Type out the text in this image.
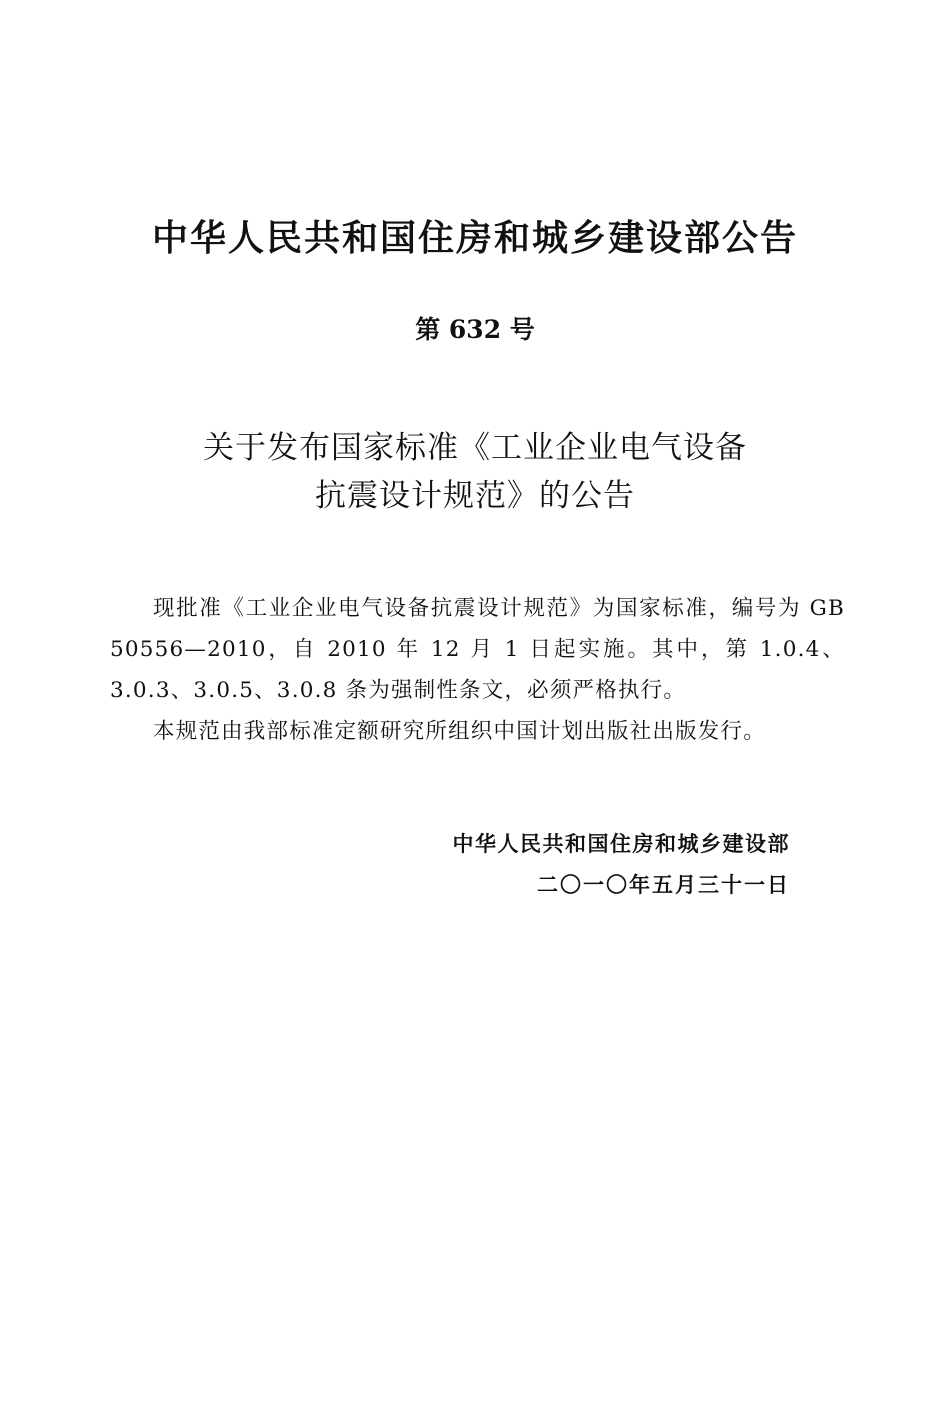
中华人民共和国住房和城乡建设部公告
第 632 号
关于发布国家标准《工业企业电气设备
抗震设计规范》的公告

现批准《工业企业电气设备抗震设计规范》为国家标准，编号为 GB 50556—2010，自 2010 年 12 月 1 日起实施。其中，第 1.0.4、3.0.3、3.0.5、3.0.8 条为强制性条文，必须严格执行。

本规范由我部标准定额研究所组织中国计划出版社出版发行。

中华人民共和国住房和城乡建设部
二〇一〇年五月三十一日
